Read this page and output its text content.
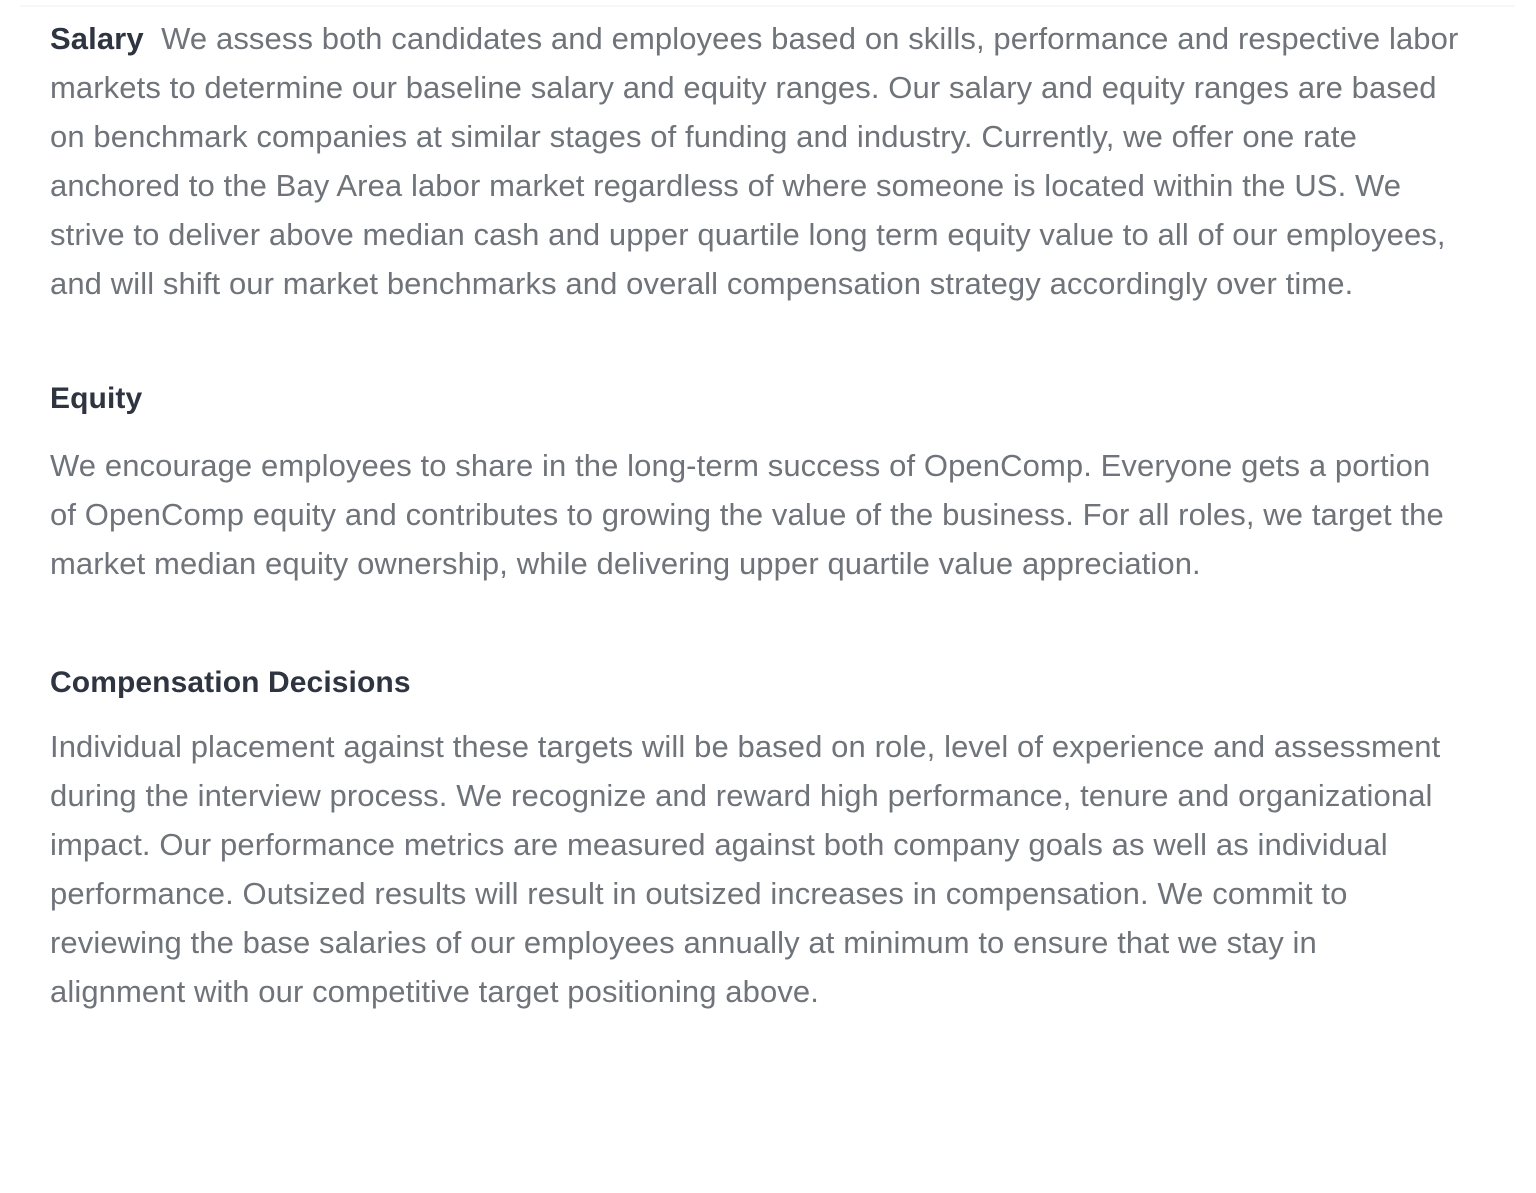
Salary We assess both candidates and employees based on skills, performance and respective labor markets to determine our baseline salary and equity ranges. Our salary and equity ranges are based on benchmark companies at similar stages of funding and industry. Currently, we offer one rate anchored to the Bay Area labor market regardless of where someone is located within the US. We strive to deliver above median cash and upper quartile long term equity value to all of our employees, and will shift our market benchmarks and overall compensation strategy accordingly over time.

Equity

We encourage employees to share in the long-term success of OpenComp. Everyone gets a portion of OpenComp equity and contributes to growing the value of the business. For all roles, we target the market median equity ownership, while delivering upper quartile value appreciation.

Compensation Decisions

Individual placement against these targets will be based on role, level of experience and assessment during the interview process. We recognize and reward high performance, tenure and organizational impact. Our performance metrics are measured against both company goals as well as individual performance. Outsized results will result in outsized increases in compensation. We commit to reviewing the base salaries of our employees annually at minimum to ensure that we stay in alignment with our competitive target positioning above.
